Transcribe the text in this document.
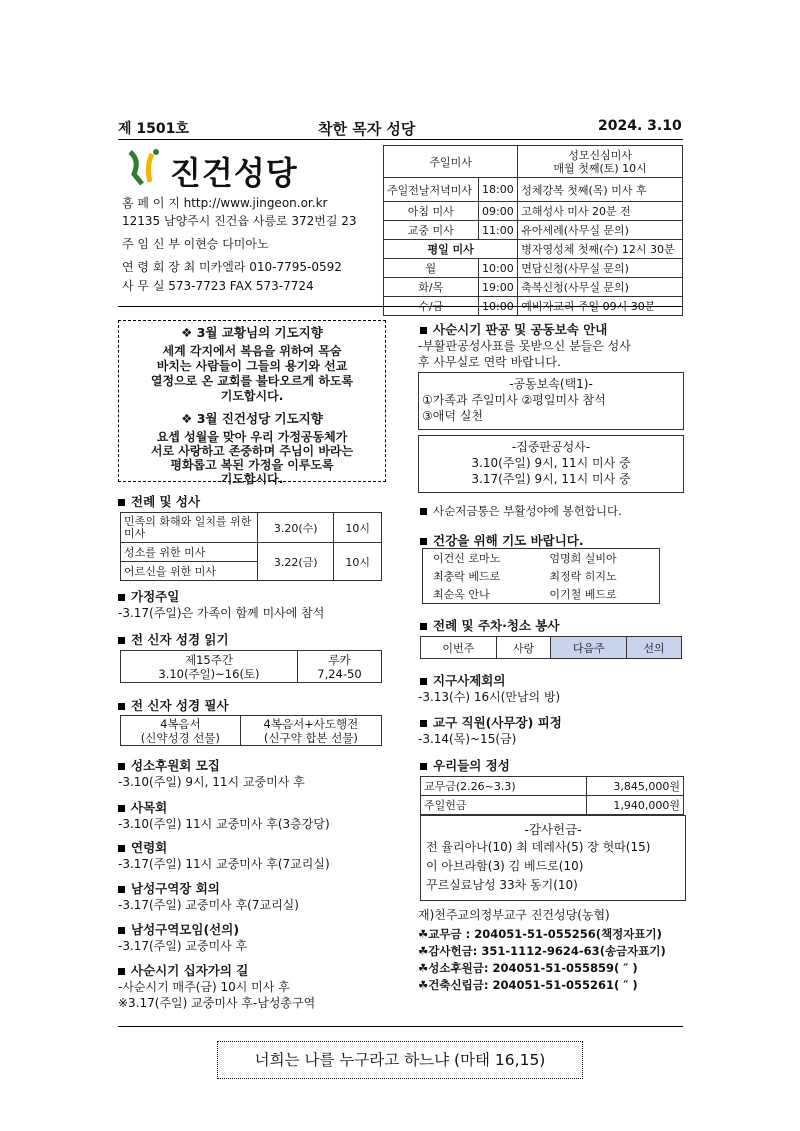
제 1501호	착한 목자 성당	2024. 3.10
진건성당
홈 페 이 지 http://www.jingeon.or.kr
12135 남양주시 진건읍 사릉로 372번길 23
주 임 신 부 이현승 다미아노
연 령 회 장 최 미카엘라 010-7795-0592
사 무 실 573-7723 FAX 573-7724
주일미사		성모신심미사
매월 첫째(토) 10시

주일전날저녁미사	18:00	성체강복 첫째(목) 미사 후
아침 미사	09:00	고해성사 미사 20분 전
교중 미사	11:00	유아세례(사무실 문의)
평일 미사		병자영성체 첫째(수) 12시 30분
월	10:00	면담신청(사무실 문의)
화/목	19:00	축복신청(사무실 문의)
수/금	10:00	예비자교리 주일 09시 30분
❖ 3월 교황님의 기도지향
세계 각지에서 복음을 위하여 목숨
바치는 사람들이 그들의 용기와 선교
열정으로 온 교회를 불타오르게 하도록
기도합시다.
❖ 3월 진건성당 기도지향
요셉 성월을 맞아 우리 가정공동체가
서로 사랑하고 존중하며 주님이 바라는
평화롭고 복된 가정을 이루도록
기도합시다.
전례 및 성사
민족의 화해와 일치를 위한 미사	3.20(수)	10시
성소를 위한 미사	3.22(금)	10시
어르신을 위한 미사		
가정주일
-3.17(주일)은 가족이 함께 미사에 참석
전 신자 성경 읽기
제15주간
3.10(주일)~16(토)

루카
7,24-50
전 신자 성경 필사
4복음서
(신약성경 선물)

4복음서+사도행전
(신구약 합본 선물)
성소후원회 모집
-3.10(주일) 9시, 11시 교중미사 후
사목회
-3.10(주일) 11시 교중미사 후(3층강당)
연령회
-3.17(주일) 11시 교중미사 후(7교리실)
남성구역장 회의
-3.17(주일) 교중미사 후(7교리실)
남성구역모임(선의)
-3.17(주일) 교중미사 후
사순시기 십자가의 길
-사순시기 매주(금) 10시 미사 후
※3.17(주일) 교중미사 후-남성총구역
사순시기 판공 및 공동보속 안내
-부활판공성사표를 못받으신 분들은 성사
후 사무실로 연락 바랍니다.
-공동보속(택1)-
①가족과 주일미사 ②평일미사 참석
③애덕 실천
-집중판공성사-
3.10(주일) 9시, 11시 미사 중
3.17(주일) 9시, 11시 미사 중
사순저금통은 부활성야에 봉헌합니다.
건강을 위해 기도 바랍니다.
이건신 로마노	엄명희 실비아
최충락 베드로	최정락 히지노
최순옥 안나	이기철 베드로
전례 및 주차·청소 봉사
이번주	사랑	다음주	선의
지구사제회의
-3.13(수) 16시(만남의 방)
교구 직원(사무장) 피정
-3.14(목)~15(금)
우리들의 정성
교무금(2.26~3.3)	3,845,000원
주일헌금	1,940,000원
-감사헌금-
전 율리아나(10) 최 데레사(5) 장 헛따(15)
이 아브라함(3) 김 베드로(10)
꾸르실료남성 33차 동기(10)
재)천주교의정부교구 진건성당(농협)
☘교무금 : 204051-51-055256(책정자표기)
☘감사헌금: 351-1112-9624-63(송금자표기)
☘성소후원금: 204051-51-055859( ″ )
☘건축신립금: 204051-51-055261( ″ )
너희는 나를 누구라고 하느냐 (마태 16,15)
